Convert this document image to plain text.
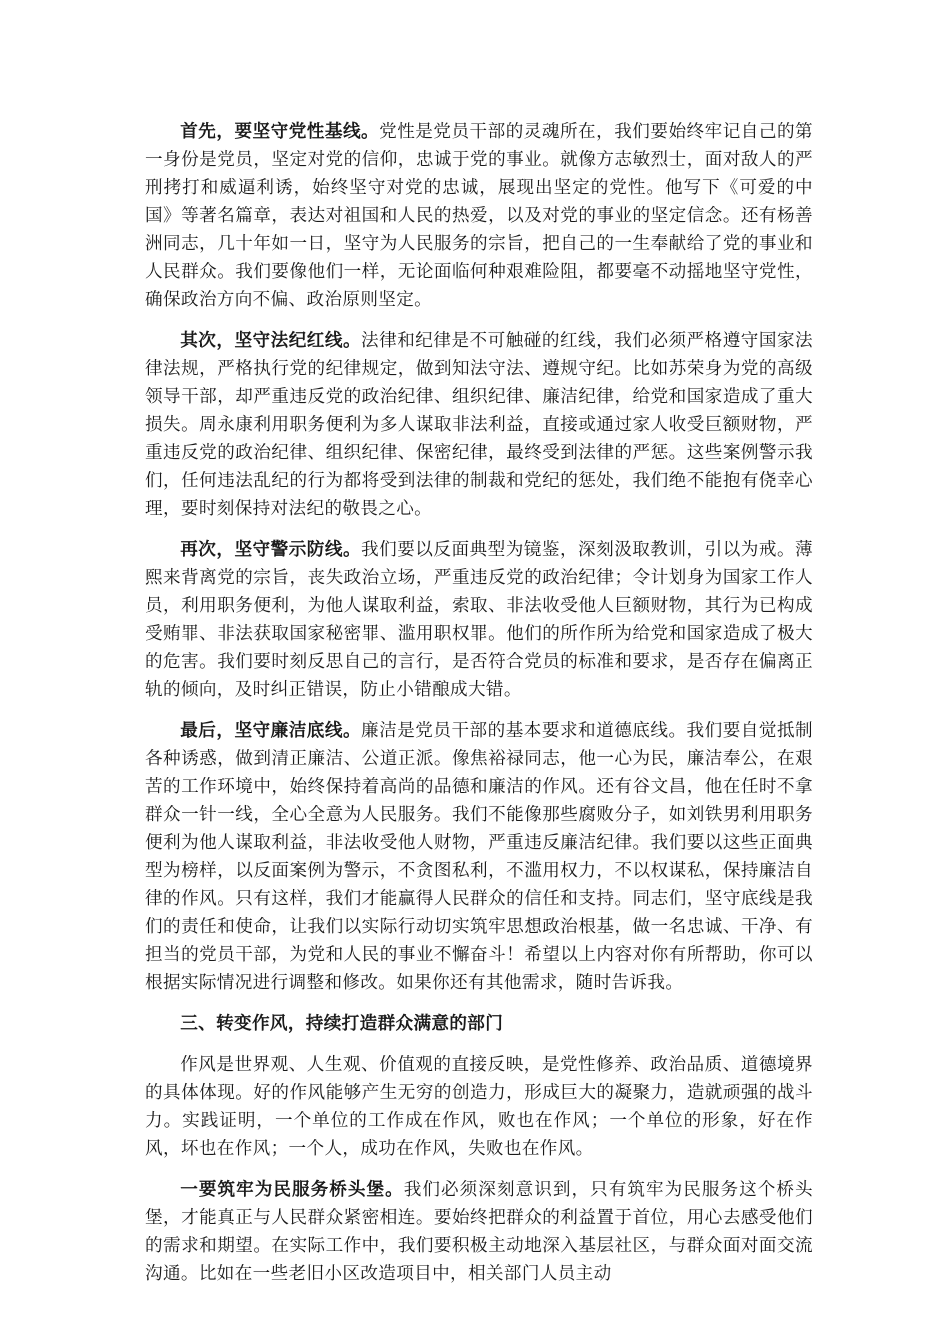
首先，要坚守党性基线。党性是党员干部的灵魂所在，我们要始终牢记自己的第一身份是党员，坚定对党的信仰，忠诚于党的事业。就像方志敏烈士，面对敌人的严刑拷打和威逼利诱，始终坚守对党的忠诚，展现出坚定的党性。他写下《可爱的中国》等著名篇章，表达对祖国和人民的热爱，以及对党的事业的坚定信念。还有杨善洲同志，几十年如一日，坚守为人民服务的宗旨，把自己的一生奉献给了党的事业和人民群众。我们要像他们一样，无论面临何种艰难险阻，都要毫不动摇地坚守党性，确保政治方向不偏、政治原则坚定。

其次，坚守法纪红线。法律和纪律是不可触碰的红线，我们必须严格遵守国家法律法规，严格执行党的纪律规定，做到知法守法、遵规守纪。比如苏荣身为党的高级领导干部，却严重违反党的政治纪律、组织纪律、廉洁纪律，给党和国家造成了重大损失。周永康利用职务便利为多人谋取非法利益，直接或通过家人收受巨额财物，严重违反党的政治纪律、组织纪律、保密纪律，最终受到法律的严惩。这些案例警示我们，任何违法乱纪的行为都将受到法律的制裁和党纪的惩处，我们绝不能抱有侥幸心理，要时刻保持对法纪的敬畏之心。

再次，坚守警示防线。我们要以反面典型为镜鉴，深刻汲取教训，引以为戒。薄熙来背离党的宗旨，丧失政治立场，严重违反党的政治纪律；令计划身为国家工作人员，利用职务便利，为他人谋取利益，索取、非法收受他人巨额财物，其行为已构成受贿罪、非法获取国家秘密罪、滥用职权罪。他们的所作所为给党和国家造成了极大的危害。我们要时刻反思自己的言行，是否符合党员的标准和要求，是否存在偏离正轨的倾向，及时纠正错误，防止小错酿成大错。

最后，坚守廉洁底线。廉洁是党员干部的基本要求和道德底线。我们要自觉抵制各种诱惑，做到清正廉洁、公道正派。像焦裕禄同志，他一心为民，廉洁奉公，在艰苦的工作环境中，始终保持着高尚的品德和廉洁的作风。还有谷文昌，他在任时不拿群众一针一线，全心全意为人民服务。我们不能像那些腐败分子，如刘铁男利用职务便利为他人谋取利益，非法收受他人财物，严重违反廉洁纪律。我们要以这些正面典型为榜样，以反面案例为警示，不贪图私利，不滥用权力，不以权谋私，保持廉洁自律的作风。只有这样，我们才能赢得人民群众的信任和支持。同志们，坚守底线是我们的责任和使命，让我们以实际行动切实筑牢思想政治根基，做一名忠诚、干净、有担当的党员干部，为党和人民的事业不懈奋斗！希望以上内容对你有所帮助，你可以根据实际情况进行调整和修改。如果你还有其他需求，随时告诉我。

三、转变作风，持续打造群众满意的部门

作风是世界观、人生观、价值观的直接反映，是党性修养、政治品质、道德境界的具体体现。好的作风能够产生无穷的创造力，形成巨大的凝聚力，造就顽强的战斗力。实践证明，一个单位的工作成在作风，败也在作风；一个单位的形象，好在作风，坏也在作风；一个人，成功在作风，失败也在作风。

一要筑牢为民服务桥头堡。我们必须深刻意识到，只有筑牢为民服务这个桥头堡，才能真正与人民群众紧密相连。要始终把群众的利益置于首位，用心去感受他们的需求和期望。在实际工作中，我们要积极主动地深入基层社区，与群众面对面交流沟通。比如在一些老旧小区改造项目中，相关部门人员主动
